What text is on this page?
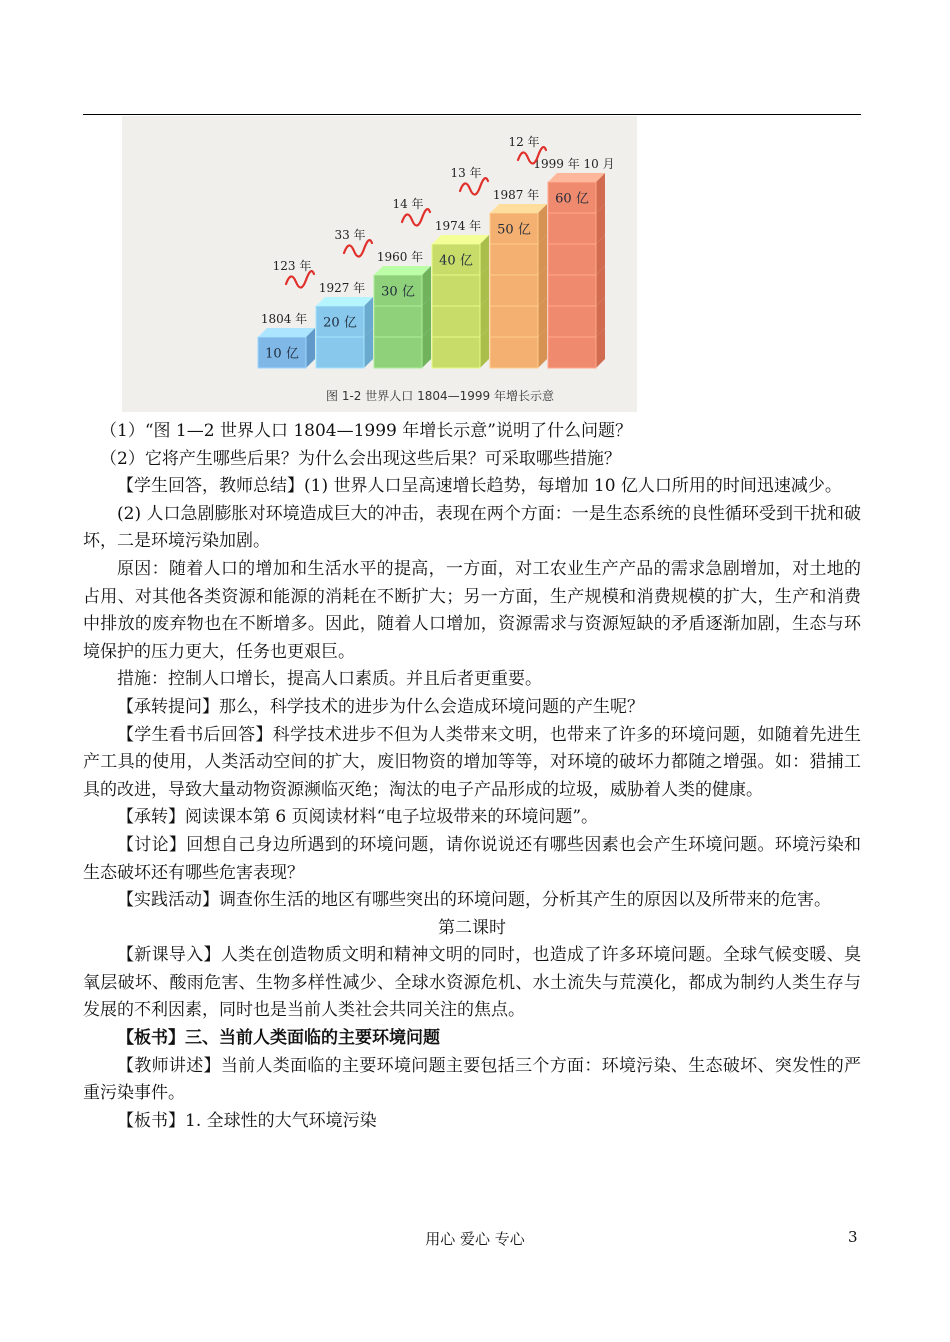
10 亿
1804 年 20 亿
1927 年
123 年
30 亿
1960 年
33 年
40 亿
1974 年
14 年
50 亿
1987 年
13 年
60 亿
1999 年 10 月
12 年
图 1-2 世界人口 1804—1999 年增长示意

（1）“图 1—2 世界人口 1804—1999 年增长示意”说明了什么问题？

（2）它将产生哪些后果？为什么会出现这些后果？可采取哪些措施？

【学生回答，教师总结】(1) 世界人口呈高速增长趋势，每增加 10 亿人口所用的时间迅速减少。

(2) 人口急剧膨胀对环境造成巨大的冲击，表现在两个方面：一是生态系统的良性循环受到干扰和破坏，二是环境污染加剧。

原因：随着人口的增加和生活水平的提高，一方面，对工农业生产产品的需求急剧增加，对土地的占用、对其他各类资源和能源的消耗在不断扩大；另一方面，生产规模和消费规模的扩大，生产和消费中排放的废弃物也在不断增多。因此，随着人口增加，资源需求与资源短缺的矛盾逐渐加剧，生态与环境保护的压力更大，任务也更艰巨。

措施：控制人口增长，提高人口素质。并且后者更重要。

【承转提问】那么，科学技术的进步为什么会造成环境问题的产生呢？

【学生看书后回答】科学技术进步不但为人类带来文明，也带来了许多的环境问题，如随着先进生产工具的使用，人类活动空间的扩大，废旧物资的增加等等，对环境的破坏力都随之增强。如：猎捕工具的改进，导致大量动物资源濒临灭绝；淘汰的电子产品形成的垃圾，威胁着人类的健康。

【承转】阅读课本第 6 页阅读材料“电子垃圾带来的环境问题”。

【讨论】回想自己身边所遇到的环境问题，请你说说还有哪些因素也会产生环境问题。环境污染和生态破坏还有哪些危害表现？

【实践活动】调查你生活的地区有哪些突出的环境问题，分析其产生的原因以及所带来的危害。

第二课时

【新课导入】人类在创造物质文明和精神文明的同时，也造成了许多环境问题。全球气候变暖、臭氧层破坏、酸雨危害、生物多样性减少、全球水资源危机、水土流失与荒漠化，都成为制约人类生存与发展的不利因素，同时也是当前人类社会共同关注的焦点。

【板书】三、当前人类面临的主要环境问题

【教师讲述】当前人类面临的主要环境问题主要包括三个方面：环境污染、生态破坏、突发性的严重污染事件。

【板书】1. 全球性的大气环境污染

用心 爱心 专心	3
